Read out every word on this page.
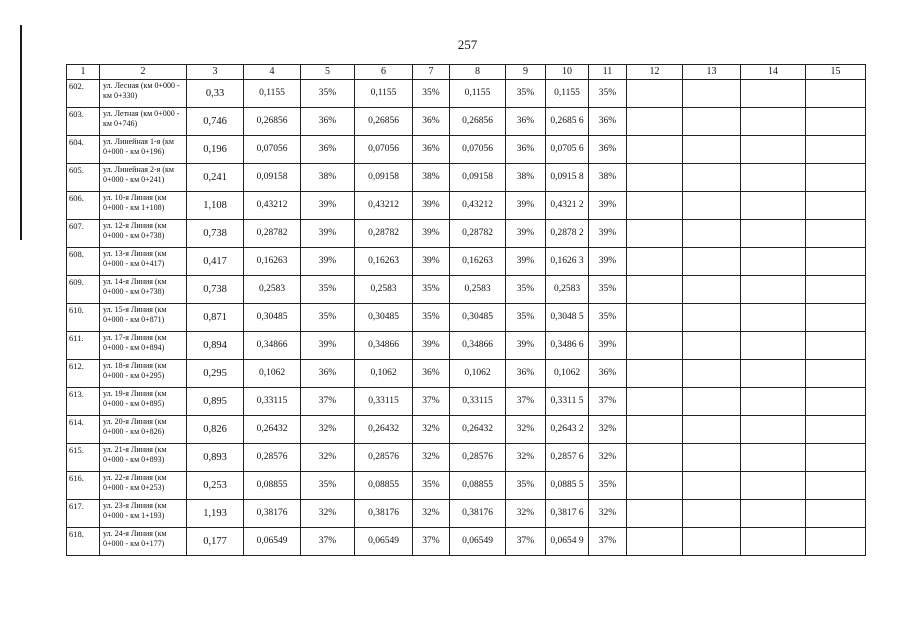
257
1	2	3	4	5	6	7	8	9	10	11	12	13	14	15
602.	ул. Лесная (км 0+000 - км 0+330)	0,33	0,1155	35%	0,1155	35%	0,1155	35%	0,1155	35%				
603.	ул. Летная (км 0+000 - км 0+746)	0,746	0,26856	36%	0,26856	36%	0,26856	36%	0,2685 6	36%				
604.	ул. Линейная 1-я (км 0+000 - км 0+196)	0,196	0,07056	36%	0,07056	36%	0,07056	36%	0,0705 6	36%				
605.	ул. Линейная 2-я (км 0+000 - км 0+241)	0,241	0,09158	38%	0,09158	38%	0,09158	38%	0,0915 8	38%				
606.	ул. 10-я Линия (км 0+000 - км 1+108)	1,108	0,43212	39%	0,43212	39%	0,43212	39%	0,4321 2	39%				
607.	ул. 12-я Линия (км 0+000 - км 0+738)	0,738	0,28782	39%	0,28782	39%	0,28782	39%	0,2878 2	39%				
608.	ул. 13-я Линия (км 0+000 - км 0+417)	0,417	0,16263	39%	0,16263	39%	0,16263	39%	0,1626 3	39%				
609.	ул. 14-я Линия (км 0+000 - км 0+738)	0,738	0,2583	35%	0,2583	35%	0,2583	35%	0,2583	35%				
610.	ул. 15-я Линия (км 0+000 - км 0+871)	0,871	0,30485	35%	0,30485	35%	0,30485	35%	0,3048 5	35%				
611.	ул. 17-я Линия (км 0+000 - км 0+894)	0,894	0,34866	39%	0,34866	39%	0,34866	39%	0,3486 6	39%				
612.	ул. 18-я Линия (км 0+000 - км 0+295)	0,295	0,1062	36%	0,1062	36%	0,1062	36%	0,1062	36%				
613.	ул. 19-я Линия (км 0+000 - км 0+895)	0,895	0,33115	37%	0,33115	37%	0,33115	37%	0,3311 5	37%				
614.	ул. 20-я Линия (км 0+000 - км 0+826)	0,826	0,26432	32%	0,26432	32%	0,26432	32%	0,2643 2	32%				
615.	ул. 21-я Линия (км 0+000 - км 0+893)	0,893	0,28576	32%	0,28576	32%	0,28576	32%	0,2857 6	32%				
616.	ул. 22-я Линия (км 0+000 - км 0+253)	0,253	0,08855	35%	0,08855	35%	0,08855	35%	0,0885 5	35%				
617.	ул. 23-я Линия (км 0+000 - км 1+193)	1,193	0,38176	32%	0,38176	32%	0,38176	32%	0,3817 6	32%				
618.	ул. 24-я Линия (км 0+000 - км 0+177)	0,177	0,06549	37%	0,06549	37%	0,06549	37%	0,0654 9	37%				
